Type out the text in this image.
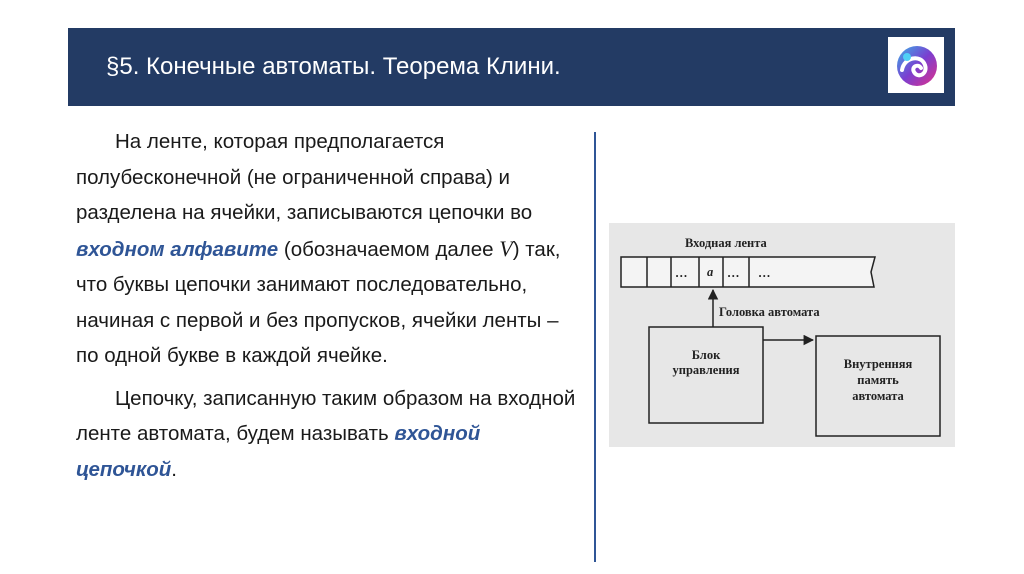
§5. Конечные автоматы. Теорема Клини.

На ленте, которая предполагается полубесконечной (не ограниченной справа) и разделена на ячейки, записываются цепочки во входном алфавите (обозначаемом далее V) так, что буквы цепочки занимают последовательно, начиная с первой и без пропусков, ячейки ленты – по одной букве в каждой ячейке.

Цепочку, записанную таким образом на входной ленте автомата, будем называть входной цепочкой.

Входная лента
… a … …
Головка автомата
Блок
управления	Внутренняя
память
автомата
